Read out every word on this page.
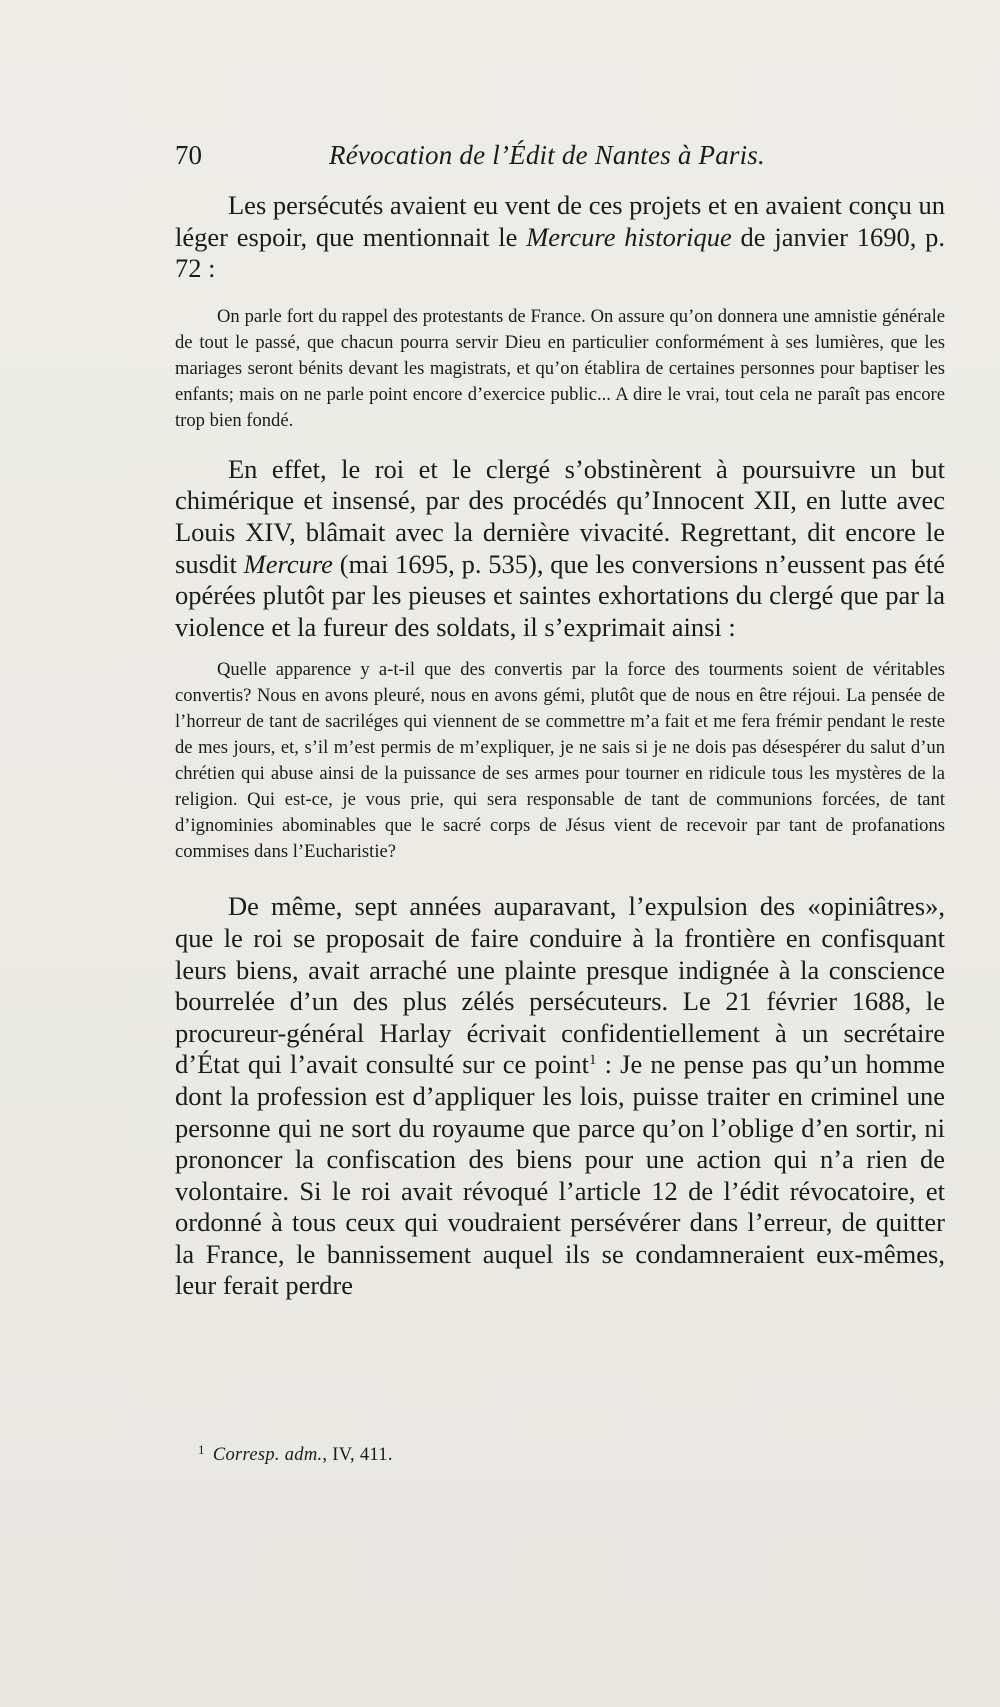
70	Révocation de l’Édit de Nantes à Paris.

Les persécutés avaient eu vent de ces projets et en avaient conçu un léger espoir, que mentionnait le Mercure historique de janvier 1690, p. 72 :

On parle fort du rappel des protestants de France. On assure qu’on donnera une amnistie générale de tout le passé, que chacun pourra servir Dieu en particulier conformément à ses lumières, que les mariages seront bénits devant les magistrats, et qu’on établira de certaines personnes pour baptiser les enfants; mais on ne parle point encore d’exercice public... A dire le vrai, tout cela ne paraît pas encore trop bien fondé.

En effet, le roi et le clergé s’obstinèrent à poursuivre un but chimérique et insensé, par des procédés qu’Innocent XII, en lutte avec Louis XIV, blâmait avec la dernière vivacité. Regrettant, dit encore le susdit Mercure (mai 1695, p. 535), que les conversions n’eussent pas été opérées plutôt par les pieuses et saintes exhortations du clergé que par la violence et la fureur des soldats, il s’exprimait ainsi :

Quelle apparence y a-t-il que des convertis par la force des tourments soient de véritables convertis? Nous en avons pleuré, nous en avons gémi, plutôt que de nous en être réjoui. La pensée de l’horreur de tant de sacriléges qui viennent de se commettre m’a fait et me fera frémir pendant le reste de mes jours, et, s’il m’est permis de m’expliquer, je ne sais si je ne dois pas désespérer du salut d’un chrétien qui abuse ainsi de la puissance de ses armes pour tourner en ridicule tous les mystères de la religion. Qui est-ce, je vous prie, qui sera responsable de tant de communions forcées, de tant d’ignominies abominables que le sacré corps de Jésus vient de recevoir par tant de profanations commises dans l’Eucharistie?

De même, sept années auparavant, l’expulsion des «opiniâtres», que le roi se proposait de faire conduire à la frontière en confisquant leurs biens, avait arraché une plainte presque indignée à la conscience bourrelée d’un des plus zélés persécuteurs. Le 21 février 1688, le procureur-général Harlay écrivait confidentiellement à un secrétaire d’État qui l’avait consulté sur ce point$^1$ : Je ne pense pas qu’un homme dont la profession est d’appliquer les lois, puisse traiter en criminel une personne qui ne sort du royaume que parce qu’on l’oblige d’en sortir, ni prononcer la confiscation des biens pour une action qui n’a rien de volontaire. Si le roi avait révoqué l’article 12 de l’édit révocatoire, et ordonné à tous ceux qui voudraient persévérer dans l’erreur, de quitter la France, le bannissement auquel ils se condamneraient eux-mêmes, leur ferait perdre

$^1$ Corresp. adm., IV, 411.
